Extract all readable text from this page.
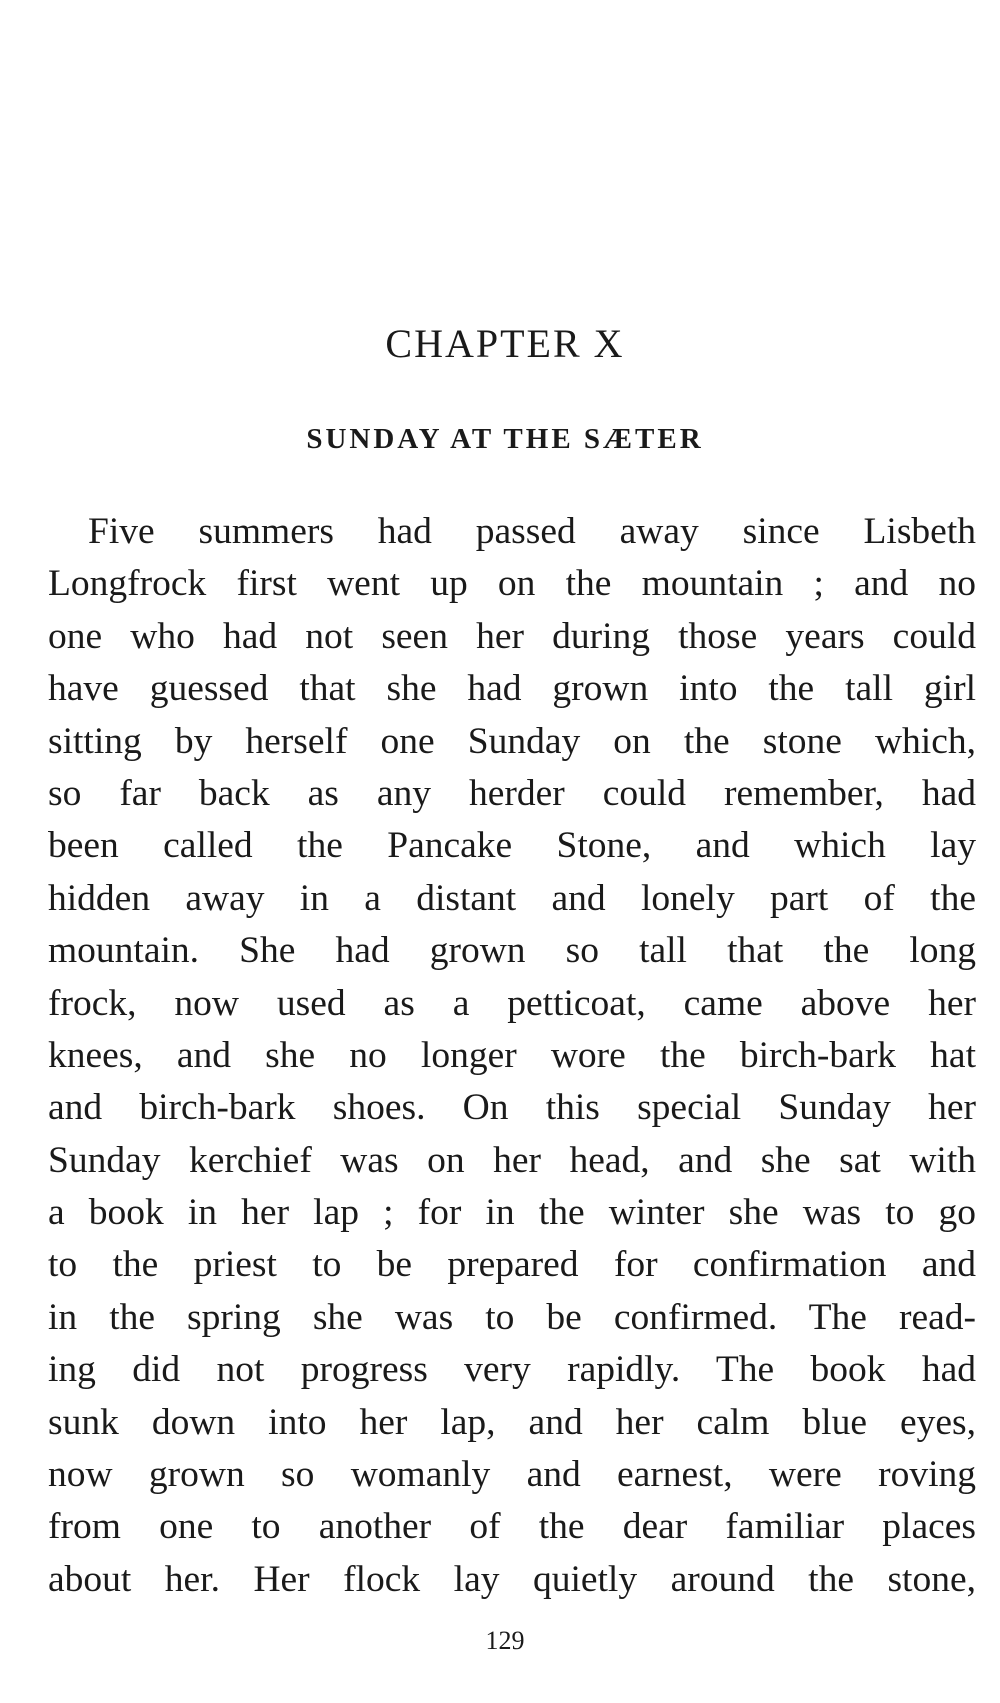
CHAPTER X
SUNDAY AT THE SÆTER
Five summers had passed away since Lisbeth
Longfrock first went up on the mountain ; and no
one who had not seen her during those years could
have guessed that she had grown into the tall girl
sitting by herself one Sunday on the stone which,
so far back as any herder could remember, had
been called the Pancake Stone, and which lay
hidden away in a distant and lonely part of the
mountain. She had grown so tall that the long
frock, now used as a petticoat, came above her
knees, and she no longer wore the birch-bark hat
and birch-bark shoes. On this special Sunday her
Sunday kerchief was on her head, and she sat with
a book in her lap ; for in the winter she was to go
to the priest to be prepared for confirmation and
in the spring she was to be confirmed. The read-
ing did not progress very rapidly. The book had
sunk down into her lap, and her calm blue eyes,
now grown so womanly and earnest, were roving
from one to another of the dear familiar places
about her. Her flock lay quietly around the stone,
129
